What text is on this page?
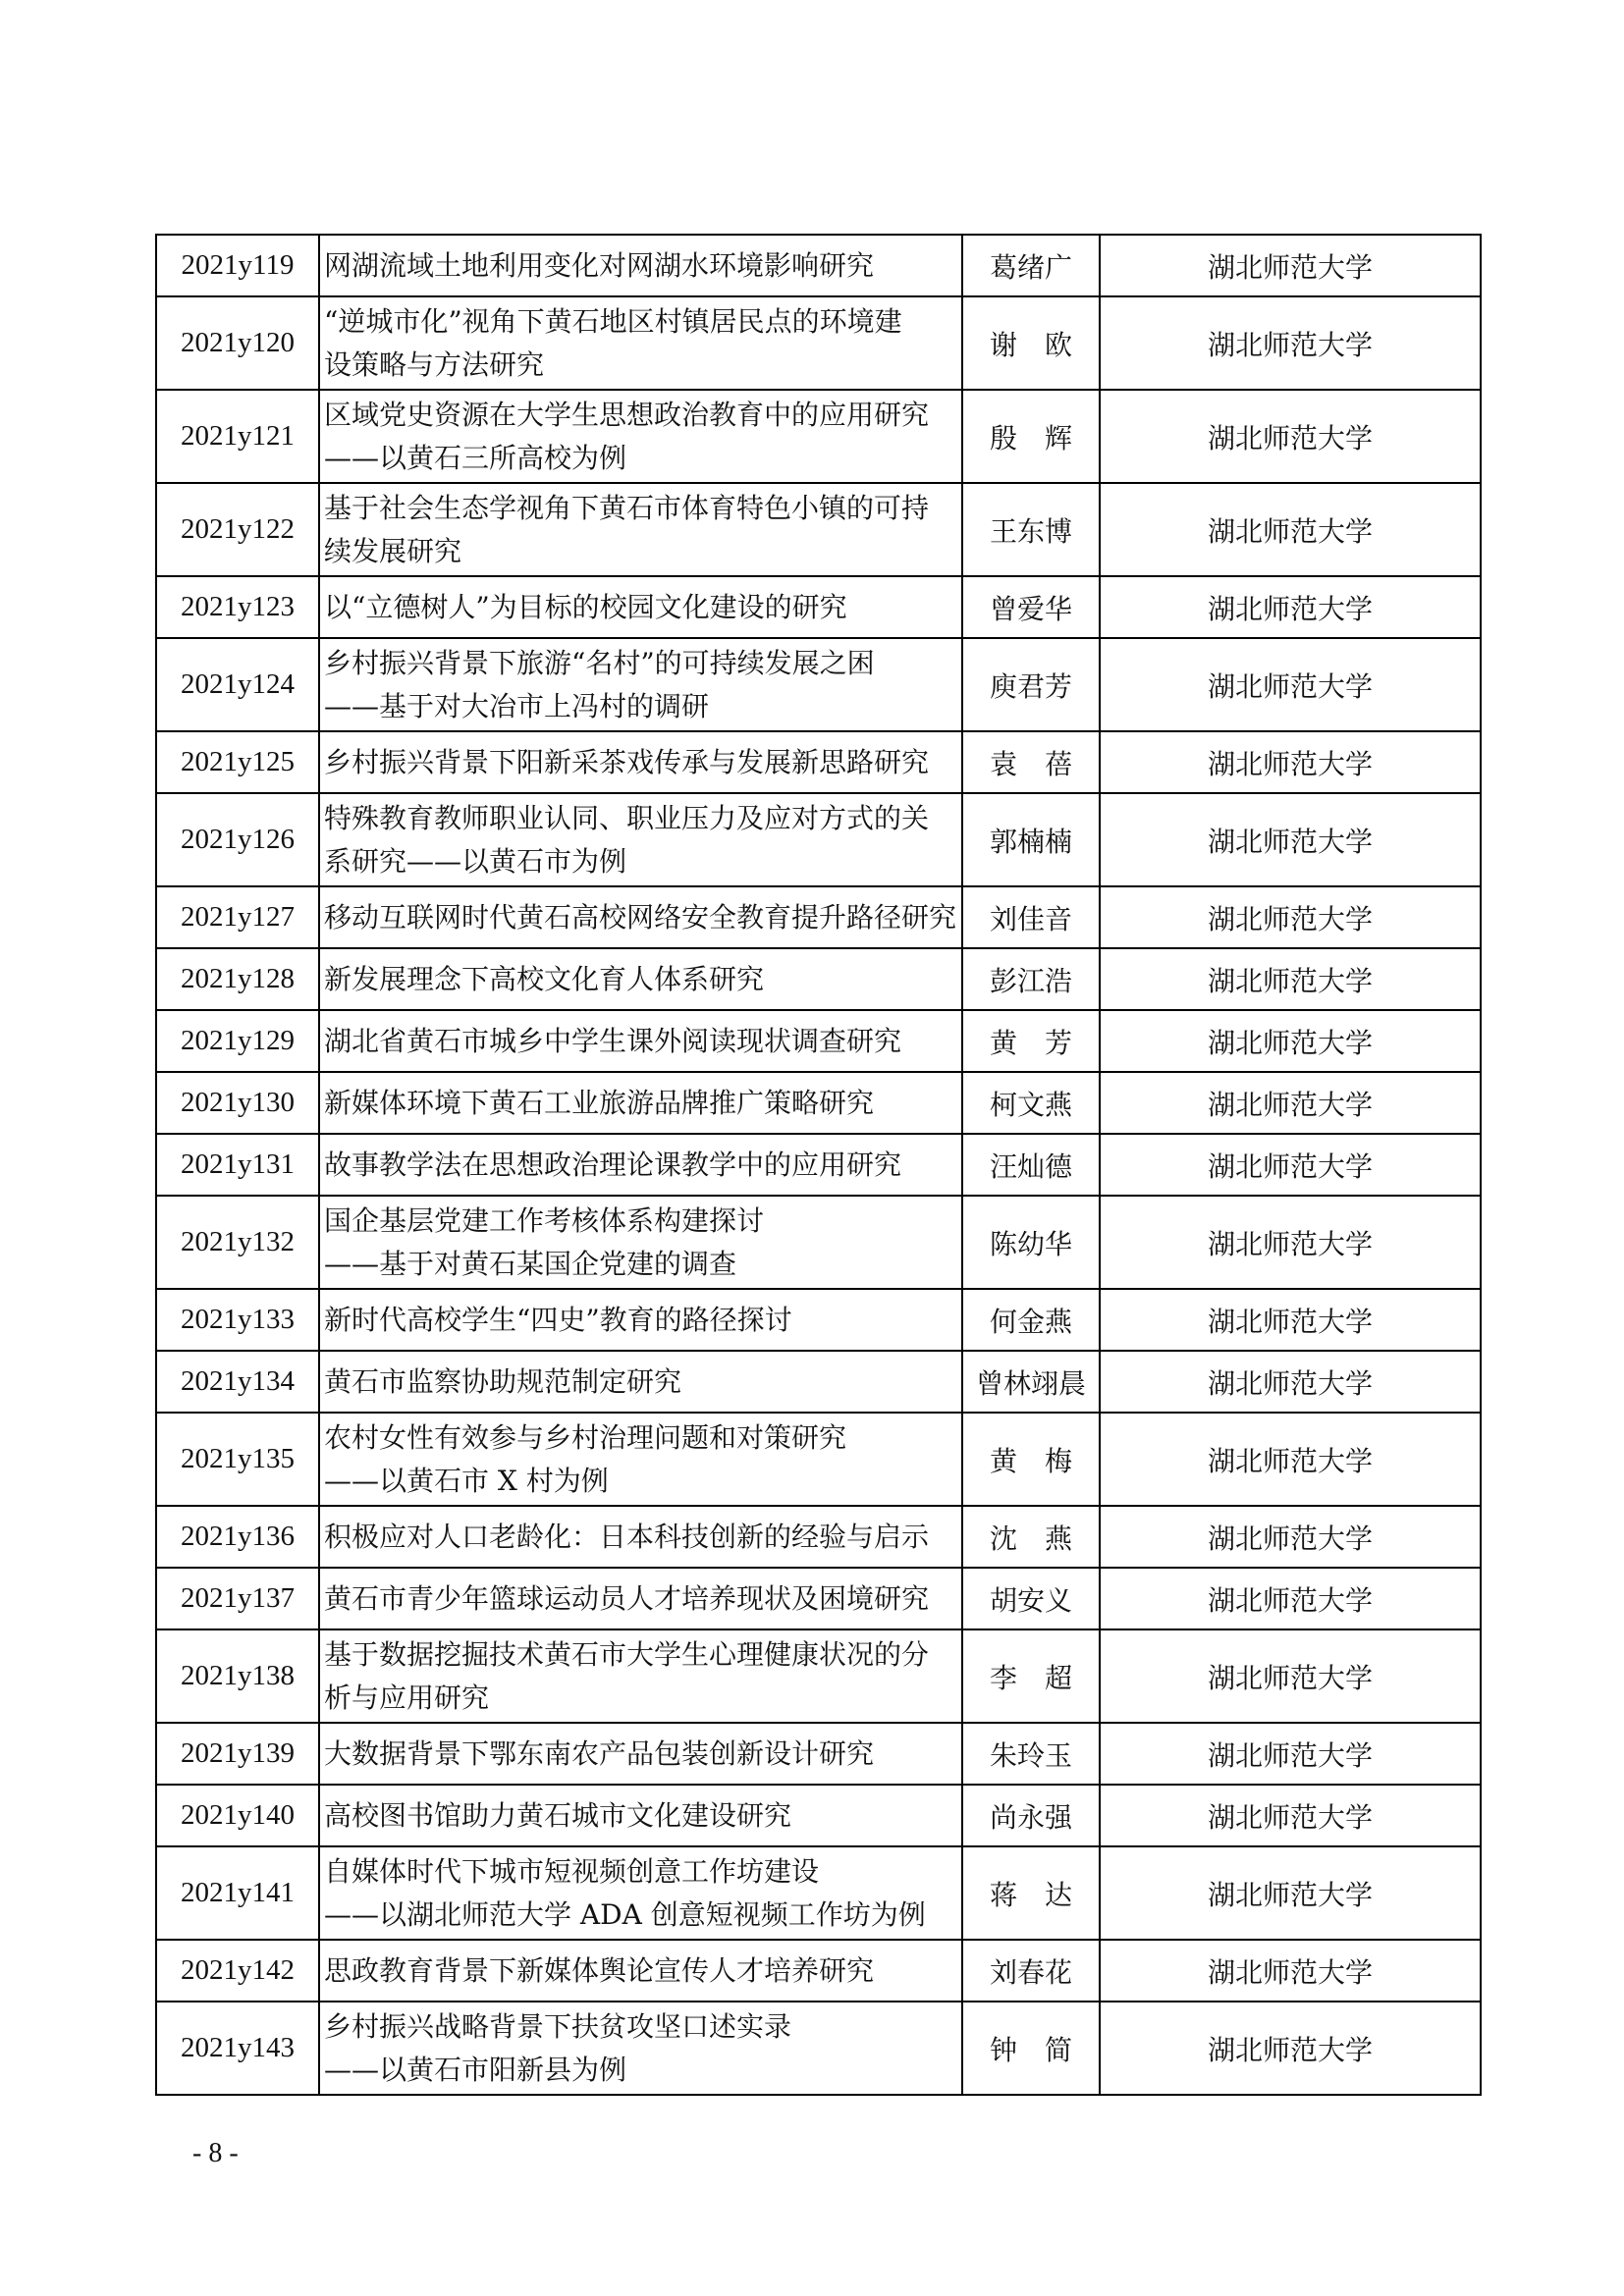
2021y119	网湖流域土地利用变化对网湖水环境影响研究	葛绪广	湖北师范大学
2021y120	“逆城市化”视角下黄石地区村镇居民点的环境建
设策略与方法研究	谢　欧	湖北师范大学
2021y121	区域党史资源在大学生思想政治教育中的应用研究
——以黄石三所高校为例	殷　辉	湖北师范大学
2021y122	基于社会生态学视角下黄石市体育特色小镇的可持
续发展研究	王东博	湖北师范大学
2021y123	以“立德树人”为目标的校园文化建设的研究	曾爱华	湖北师范大学
2021y124	乡村振兴背景下旅游“名村”的可持续发展之困
——基于对大冶市上冯村的调研	庾君芳	湖北师范大学
2021y125	乡村振兴背景下阳新采茶戏传承与发展新思路研究	袁　蓓	湖北师范大学
2021y126	特殊教育教师职业认同、职业压力及应对方式的关
系研究——以黄石市为例	郭楠楠	湖北师范大学
2021y127	移动互联网时代黄石高校网络安全教育提升路径研究	刘佳音	湖北师范大学
2021y128	新发展理念下高校文化育人体系研究	彭江浩	湖北师范大学
2021y129	湖北省黄石市城乡中学生课外阅读现状调查研究	黄　芳	湖北师范大学
2021y130	新媒体环境下黄石工业旅游品牌推广策略研究	柯文燕	湖北师范大学
2021y131	故事教学法在思想政治理论课教学中的应用研究	汪灿德	湖北师范大学
2021y132	国企基层党建工作考核体系构建探讨
——基于对黄石某国企党建的调查	陈幼华	湖北师范大学
2021y133	新时代高校学生“四史”教育的路径探讨	何金燕	湖北师范大学
2021y134	黄石市监察协助规范制定研究	曾林翊晨	湖北师范大学
2021y135	农村女性有效参与乡村治理问题和对策研究
——以黄石市 X 村为例	黄　梅	湖北师范大学
2021y136	积极应对人口老龄化：日本科技创新的经验与启示	沈　燕	湖北师范大学
2021y137	黄石市青少年篮球运动员人才培养现状及困境研究	胡安义	湖北师范大学
2021y138	基于数据挖掘技术黄石市大学生心理健康状况的分
析与应用研究	李　超	湖北师范大学
2021y139	大数据背景下鄂东南农产品包装创新设计研究	朱玲玉	湖北师范大学
2021y140	高校图书馆助力黄石城市文化建设研究	尚永强	湖北师范大学
2021y141	自媒体时代下城市短视频创意工作坊建设
——以湖北师范大学 ADA 创意短视频工作坊为例	蒋　达	湖北师范大学
2021y142	思政教育背景下新媒体舆论宣传人才培养研究	刘春花	湖北师范大学
2021y143	乡村振兴战略背景下扶贫攻坚口述实录
——以黄石市阳新县为例	钟　简	湖北师范大学
- 8 -
